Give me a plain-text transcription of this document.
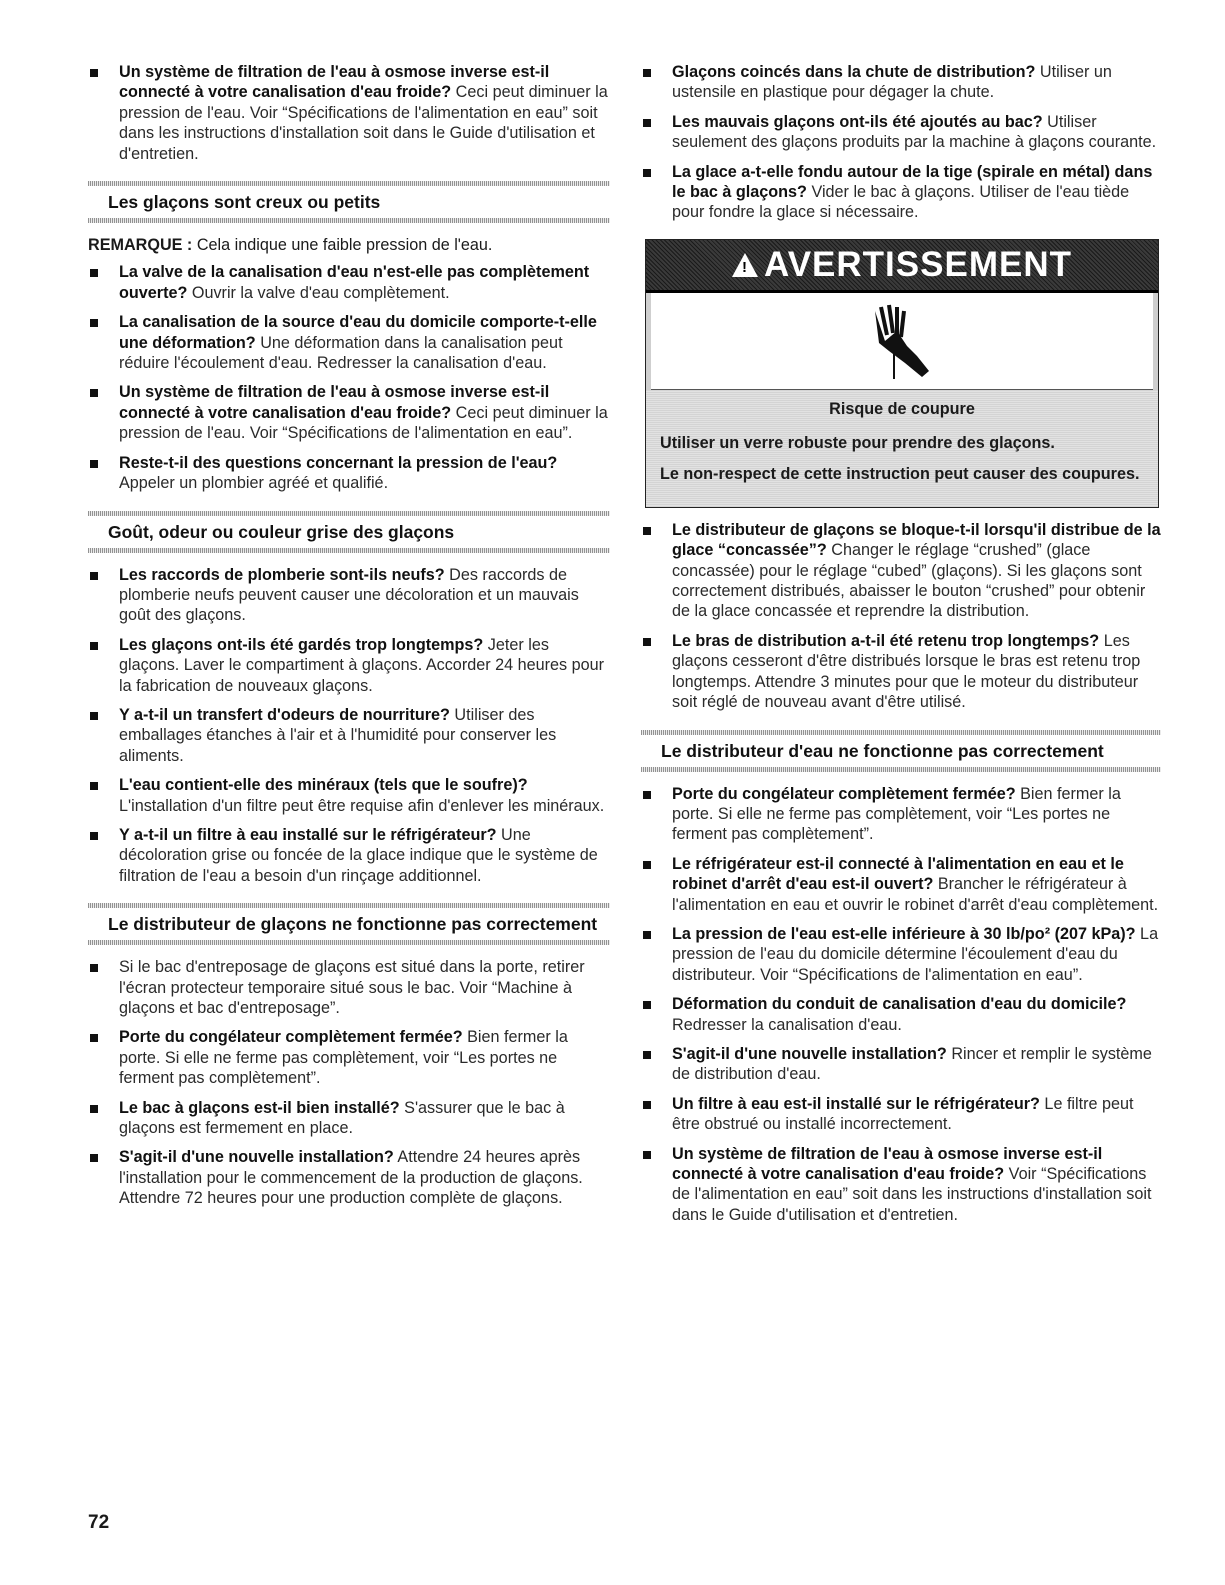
Un système de filtration de l'eau à osmose inverse est-il connecté à votre canalisation d'eau froide? Ceci peut diminuer la pression de l'eau. Voir “Spécifications de l'alimentation en eau” soit dans les instructions d'installation soit dans le Guide d'utilisation et d'entretien.
Les glaçons sont creux ou petits
REMARQUE : Cela indique une faible pression de l'eau.
La valve de la canalisation d'eau n'est-elle pas complètement ouverte? Ouvrir la valve d'eau complètement.
La canalisation de la source d'eau du domicile comporte-t-elle une déformation? Une déformation dans la canalisation peut réduire l'écoulement d'eau. Redresser la canalisation d'eau.
Un système de filtration de l'eau à osmose inverse est-il connecté à votre canalisation d'eau froide? Ceci peut diminuer la pression de l'eau. Voir “Spécifications de l'alimentation en eau”.
Reste-t-il des questions concernant la pression de l'eau? Appeler un plombier agréé et qualifié.
Goût, odeur ou couleur grise des glaçons
Les raccords de plomberie sont-ils neufs? Des raccords de plomberie neufs peuvent causer une décoloration et un mauvais goût des glaçons.
Les glaçons ont-ils été gardés trop longtemps? Jeter les glaçons. Laver le compartiment à glaçons. Accorder 24 heures pour la fabrication de nouveaux glaçons.
Y a-t-il un transfert d'odeurs de nourriture? Utiliser des emballages étanches à l'air et à l'humidité pour conserver les aliments.
L'eau contient-elle des minéraux (tels que le soufre)? L'installation d'un filtre peut être requise afin d'enlever les minéraux.
Y a-t-il un filtre à eau installé sur le réfrigérateur? Une décoloration grise ou foncée de la glace indique que le système de filtration de l'eau a besoin d'un rinçage additionnel.
Le distributeur de glaçons ne fonctionne pas correctement
Si le bac d'entreposage de glaçons est situé dans la porte, retirer l'écran protecteur temporaire situé sous le bac. Voir “Machine à glaçons et bac d'entreposage”.
Porte du congélateur complètement fermée? Bien fermer la porte. Si elle ne ferme pas complètement, voir “Les portes ne ferment pas complètement”.
Le bac à glaçons est-il bien installé? S'assurer que le bac à glaçons est fermement en place.
S'agit-il d'une nouvelle installation? Attendre 24 heures après l'installation pour le commencement de la production de glaçons. Attendre 72 heures pour une production complète de glaçons.
Glaçons coincés dans la chute de distribution? Utiliser un ustensile en plastique pour dégager la chute.
Les mauvais glaçons ont-ils été ajoutés au bac? Utiliser seulement des glaçons produits par la machine à glaçons courante.
La glace a-t-elle fondu autour de la tige (spirale en métal) dans le bac à glaçons? Vider le bac à glaçons. Utiliser de l'eau tiède pour fondre la glace si nécessaire.
!
AVERTISSEMENT
Risque de coupure
Utiliser un verre robuste pour prendre des glaçons.
Le non-respect de cette instruction peut causer des coupures.
Le distributeur de glaçons se bloque-t-il lorsqu'il distribue de la glace “concassée”? Changer le réglage “crushed” (glace concassée) pour le réglage “cubed” (glaçons). Si les glaçons sont correctement distribués, abaisser le bouton “crushed” pour obtenir de la glace concassée et reprendre la distribution.
Le bras de distribution a-t-il été retenu trop longtemps? Les glaçons cesseront d'être distribués lorsque le bras est retenu trop longtemps. Attendre 3 minutes pour que le moteur du distributeur soit réglé de nouveau avant d'être utilisé.
Le distributeur d'eau ne fonctionne pas correctement
Porte du congélateur complètement fermée? Bien fermer la porte. Si elle ne ferme pas complètement, voir “Les portes ne ferment pas complètement”.
Le réfrigérateur est-il connecté à l'alimentation en eau et le robinet d'arrêt d'eau est-il ouvert? Brancher le réfrigérateur à l'alimentation en eau et ouvrir le robinet d'arrêt d'eau complètement.
La pression de l'eau est-elle inférieure à 30 lb/po² (207 kPa)? La pression de l'eau du domicile détermine l'écoulement d'eau du distributeur. Voir “Spécifications de l'alimentation en eau”.
Déformation du conduit de canalisation d'eau du domicile? Redresser la canalisation d'eau.
S'agit-il d'une nouvelle installation? Rincer et remplir le système de distribution d'eau.
Un filtre à eau est-il installé sur le réfrigérateur? Le filtre peut être obstrué ou installé incorrectement.
Un système de filtration de l'eau à osmose inverse est-il connecté à votre canalisation d'eau froide? Voir “Spécifications de l'alimentation en eau” soit dans les instructions d'installation soit dans le Guide d'utilisation et d'entretien.
72
